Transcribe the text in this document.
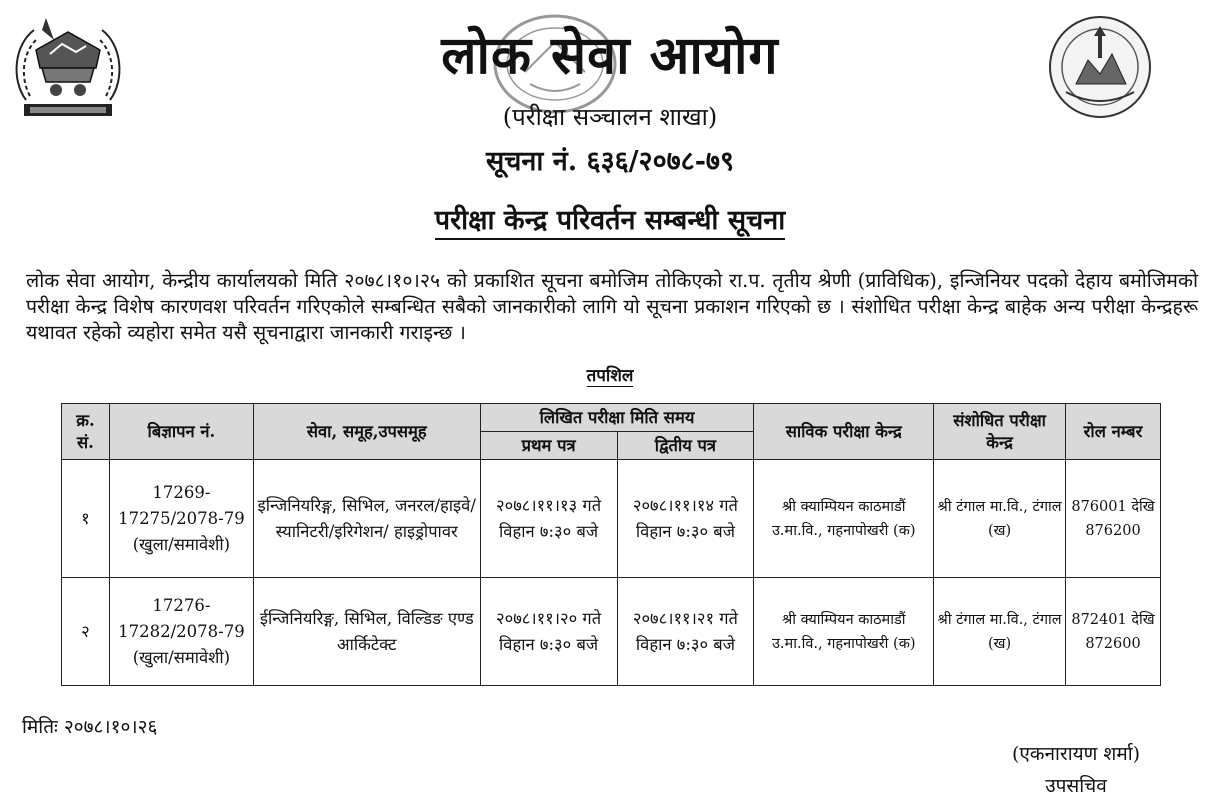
लोक सेवा आयोग
(परीक्षा सञ्चालन शाखा)
सूचना नं. ६३६/२०७८-७९
परीक्षा केन्द्र परिवर्तन सम्बन्धी सूचना
लोक सेवा आयोग, केन्द्रीय कार्यालयको मिति २०७८।१०।२५ को प्रकाशित सूचना बमोजिम तोकिएको रा.प. तृतीय श्रेणी (प्राविधिक), इन्जिनियर पदको देहाय बमोजिमको परीक्षा केन्द्र विशेष कारणवश परिवर्तन गरिएकोले सम्बन्धित सबैको जानकारीको लागि यो सूचना प्रकाशन गरिएको छ । संशोधित परीक्षा केन्द्र बाहेक अन्य परीक्षा केन्द्रहरू यथावत रहेको व्यहोरा समेत यसै सूचनाद्वारा जानकारी गराइन्छ ।
तपशिल
क्र. सं.	बिज्ञापन नं.	सेवा, समूह,उपसमूह	लिखित परीक्षा मिति समय		साविक परीक्षा केन्द्र	संशोधित परीक्षा केन्द्र	रोल नम्बर
			प्रथम पत्र	द्वितीय पत्र			
१	17269-17275/2078-79 (खुला/समावेशी)	इन्जिनियरिङ्ग, सिभिल, जनरल/हाइवे/स्यानिटरी/इरिगेशन/ हाइड्रोपावर	२०७८।११।१३ गते विहान ७:३० बजे	२०७८।११।१४ गते विहान ७:३० बजे	श्री क्याम्पियन काठमाडौं उ.मा.वि., गहनापोखरी (क)	श्री टंगाल मा.वि., टंगाल (ख)	876001 देखि 876200
२	17276-17282/2078-79 (खुला/समावेशी)	ईन्जिनियरिङ्ग, सिभिल, विल्डिङ एण्ड आर्किटेक्ट	२०७८।११।२० गते विहान ७:३० बजे	२०७८।११।२१ गते विहान ७:३० बजे	श्री क्याम्पियन काठमाडौं उ.मा.वि., गहनापोखरी (क)	श्री टंगाल मा.वि., टंगाल (ख)	872401 देखि 872600
मितिः २०७८।१०।२६
(एकनारायण शर्मा)
उपसचिव
